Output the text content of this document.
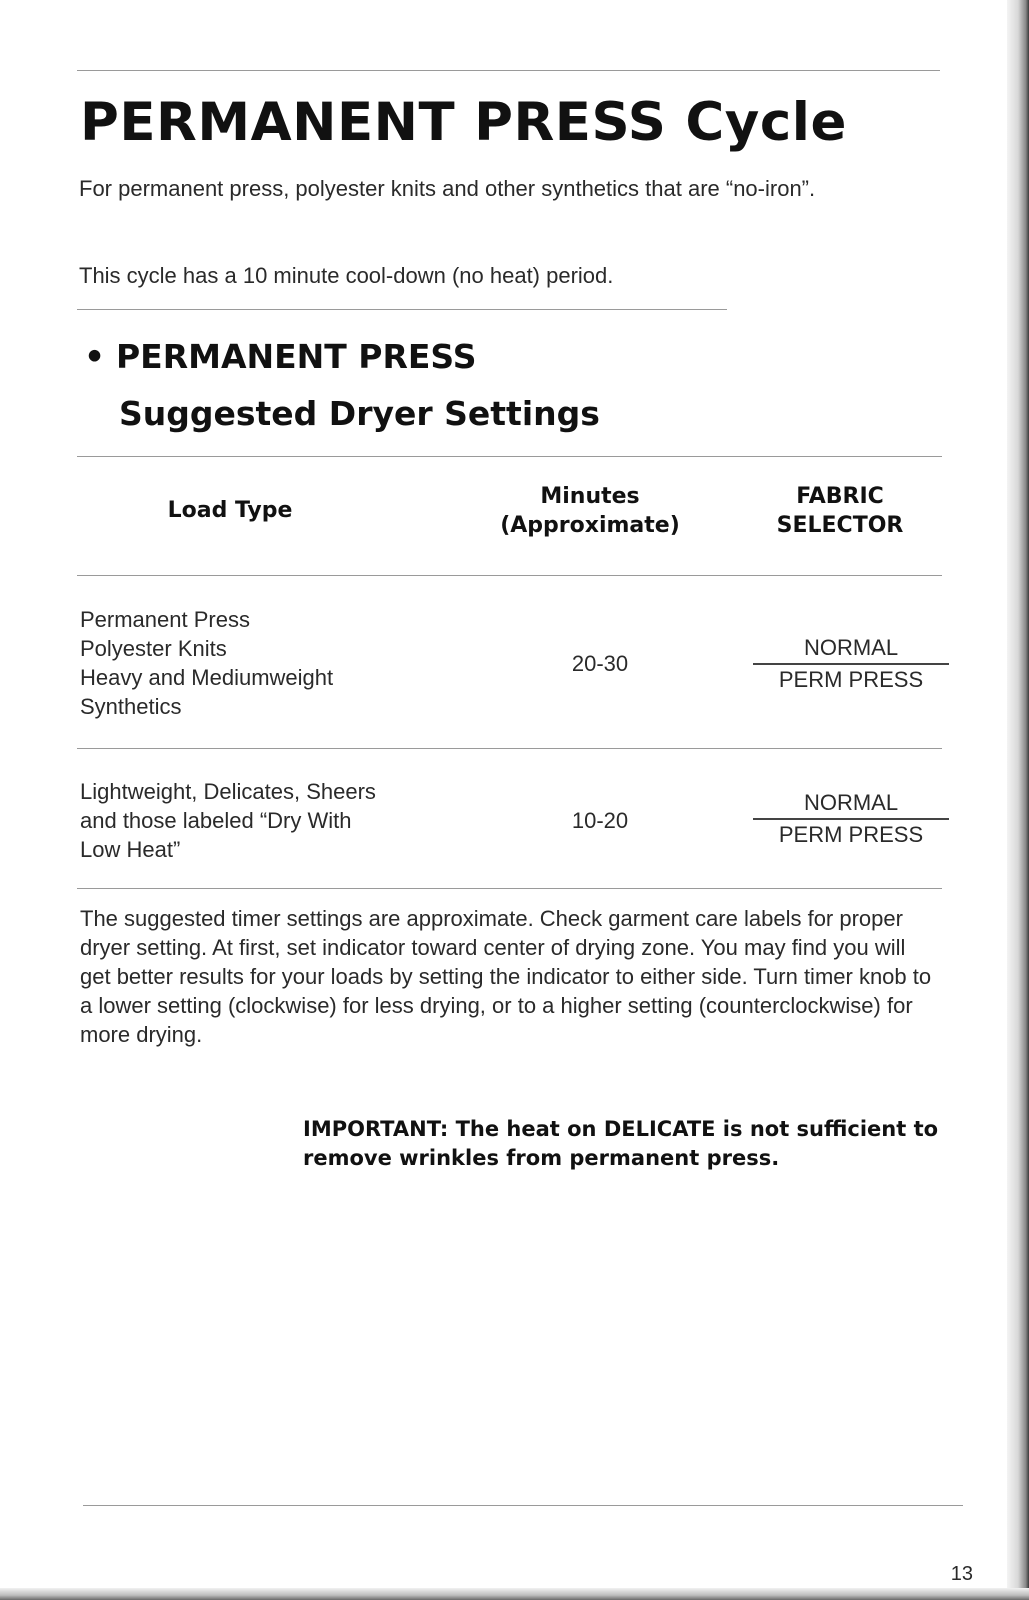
PERMANENT PRESS Cycle

For permanent press, polyester knits and other synthetics that are “no-iron”.

This cycle has a 10 minute cool-down (no heat) period.

• PERMANENT PRESS
Suggested Dryer Settings
Load Type
Minutes
(Approximate)
FABRIC
SELECTOR
Permanent Press
Polyester Knits
Heavy and Mediumweight
Synthetics
20-30
NORMAL
PERM PRESS
Lightweight, Delicates, Sheers
and those labeled “Dry With
Low Heat”
10-20
NORMAL
PERM PRESS

The suggested timer settings are approximate. Check garment care labels for proper dryer setting. At first, set indicator toward center of drying zone. You may find you will get better results for your loads by setting the indicator to either side. Turn timer knob to a lower setting (clockwise) for less drying, or to a higher setting (counterclockwise) for more drying.

IMPORTANT: The heat on DELICATE is not sufficient to remove wrinkles from permanent press.

13
